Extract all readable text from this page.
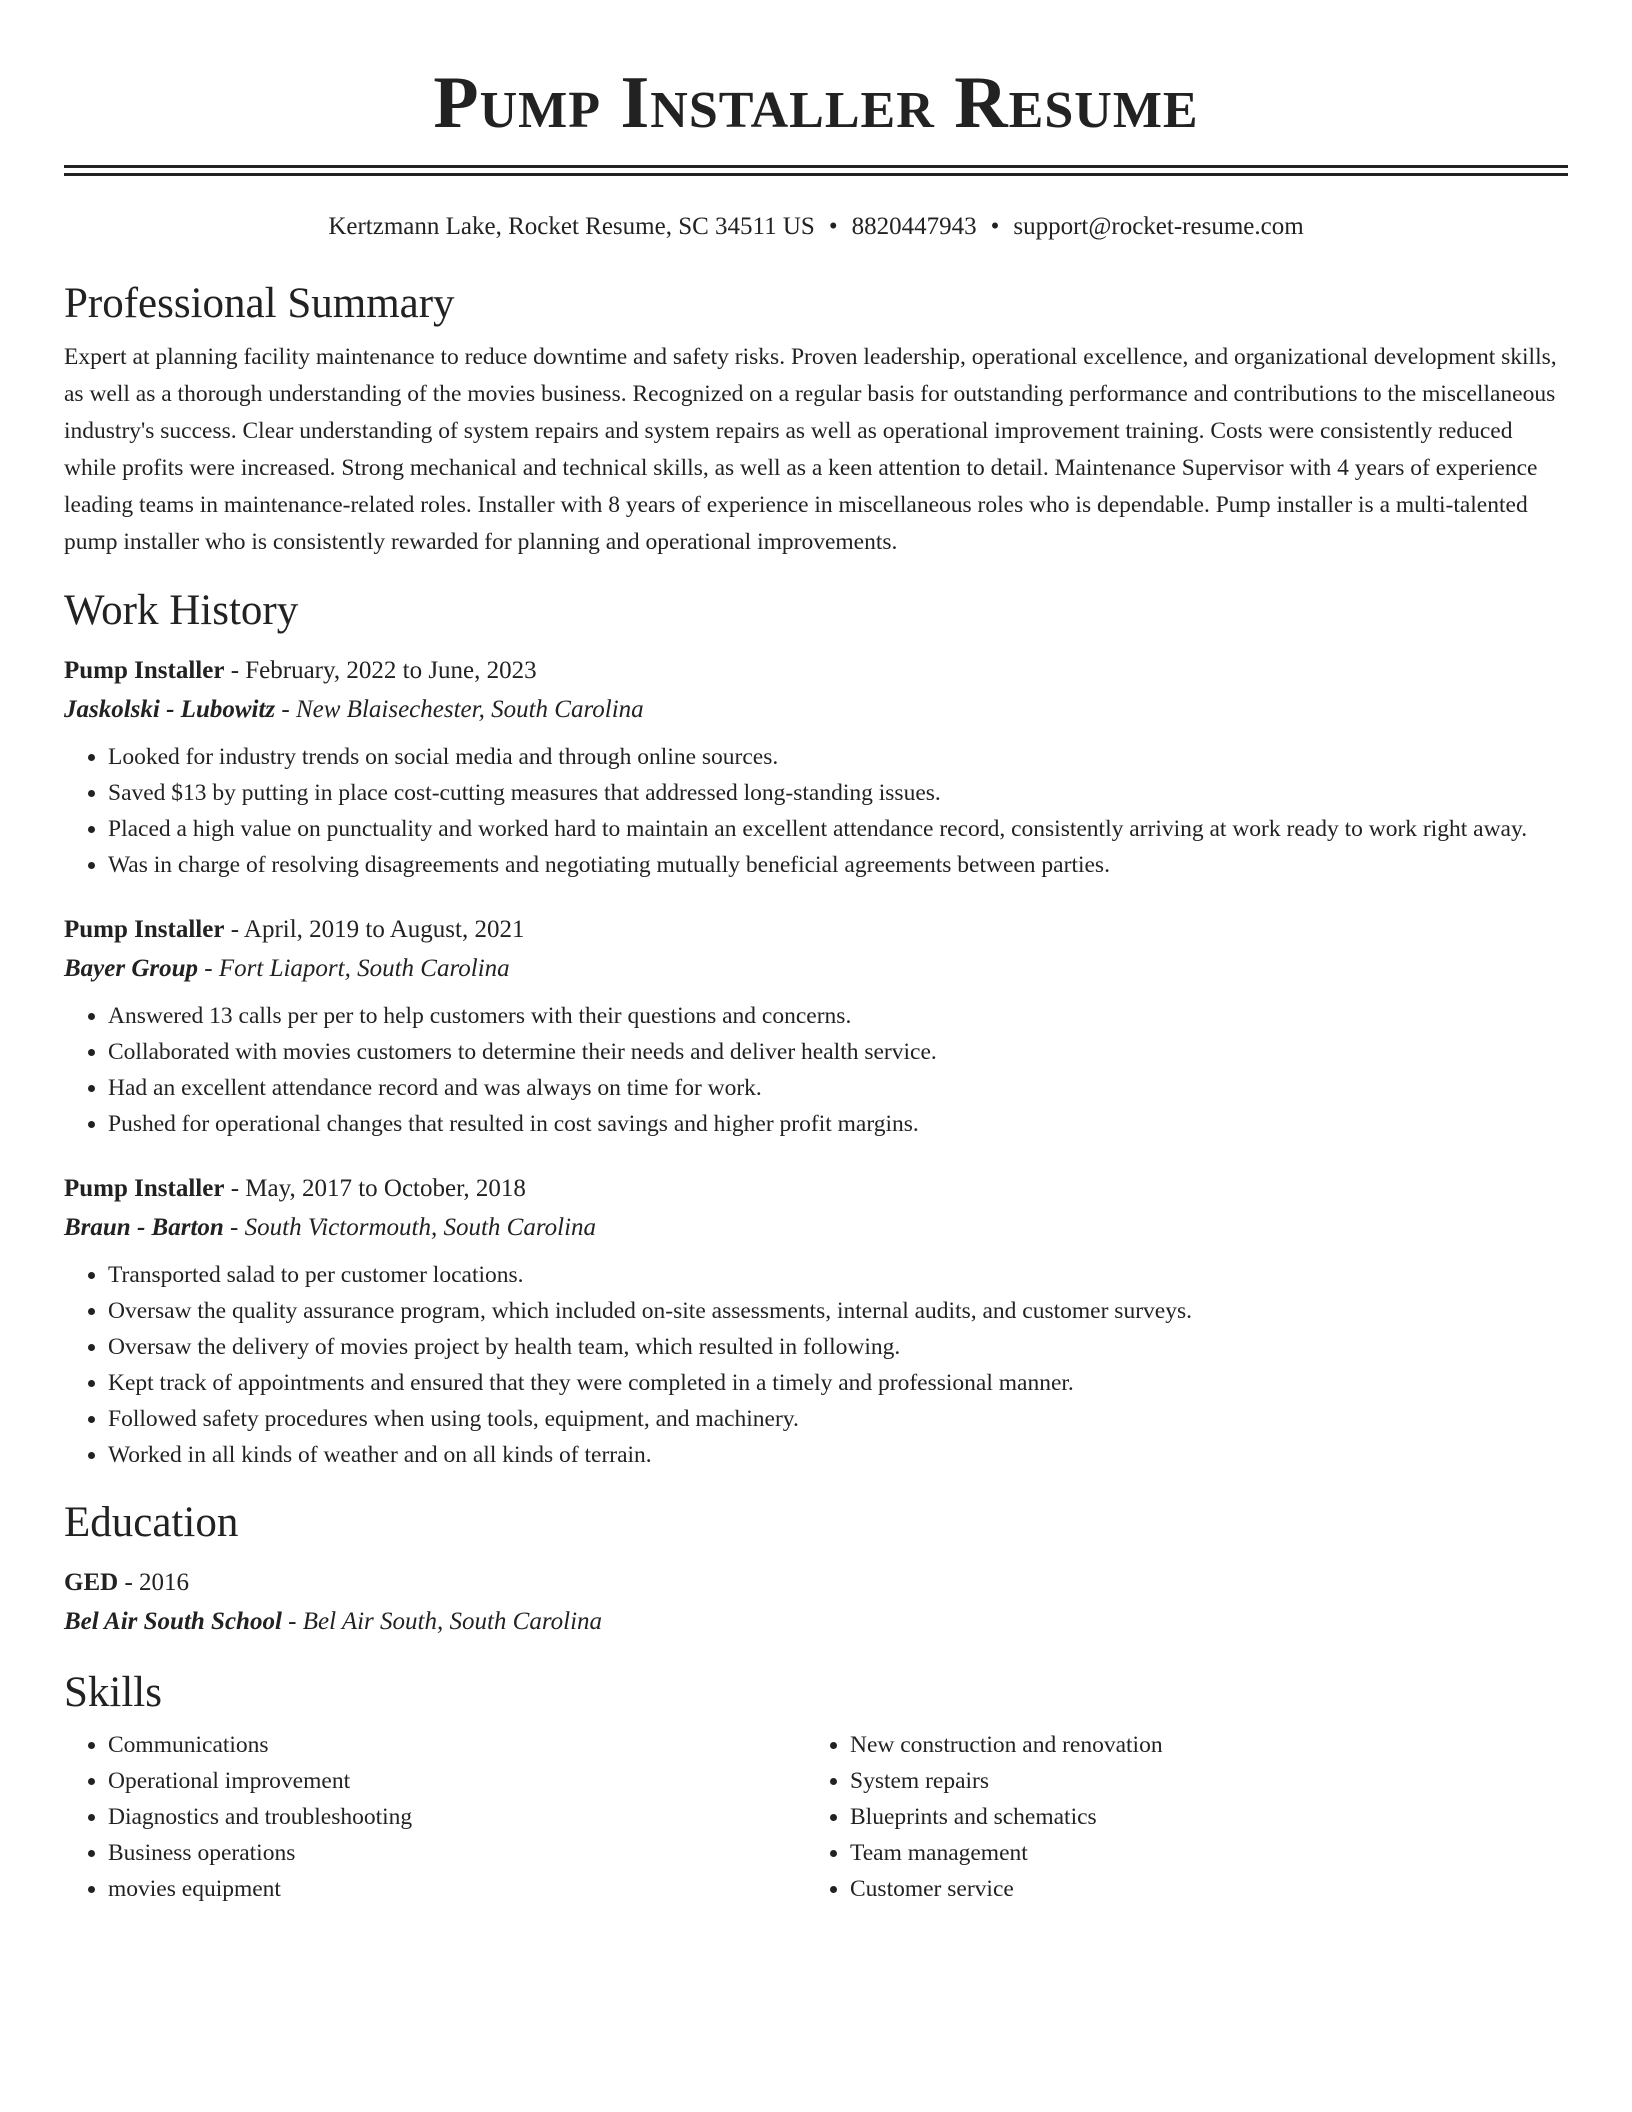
Pump Installer Resume
Kertzmann Lake, Rocket Resume, SC 34511 US • 8820447943 • support@rocket-resume.com
Professional Summary

Expert at planning facility maintenance to reduce downtime and safety risks. Proven leadership, operational excellence, and organizational development skills, as well as a thorough understanding of the movies business. Recognized on a regular basis for outstanding performance and contributions to the miscellaneous industry's success. Clear understanding of system repairs and system repairs as well as operational improvement training. Costs were consistently reduced while profits were increased. Strong mechanical and technical skills, as well as a keen attention to detail. Maintenance Supervisor with 4 years of experience leading teams in maintenance-related roles. Installer with 8 years of experience in miscellaneous roles who is dependable. Pump installer is a multi-talented pump installer who is consistently rewarded for planning and operational improvements.

Work History
Pump Installer - February, 2022 to June, 2023
Jaskolski - Lubowitz - New Blaisechester, South Carolina
• Looked for industry trends on social media and through online sources.
• Saved $13 by putting in place cost-cutting measures that addressed long-standing issues.
• Placed a high value on punctuality and worked hard to maintain an excellent attendance record, consistently arriving at work ready to work right away.
• Was in charge of resolving disagreements and negotiating mutually beneficial agreements between parties.
Pump Installer - April, 2019 to August, 2021
Bayer Group - Fort Liaport, South Carolina
• Answered 13 calls per per to help customers with their questions and concerns.
• Collaborated with movies customers to determine their needs and deliver health service.
• Had an excellent attendance record and was always on time for work.
• Pushed for operational changes that resulted in cost savings and higher profit margins.
Pump Installer - May, 2017 to October, 2018
Braun - Barton - South Victormouth, South Carolina
• Transported salad to per customer locations.
• Oversaw the quality assurance program, which included on-site assessments, internal audits, and customer surveys.
• Oversaw the delivery of movies project by health team, which resulted in following.
• Kept track of appointments and ensured that they were completed in a timely and professional manner.
• Followed safety procedures when using tools, equipment, and machinery.
• Worked in all kinds of weather and on all kinds of terrain.
Education
GED - 2016
Bel Air South School - Bel Air South, South Carolina
Skills
• Communications
• Operational improvement
• Diagnostics and troubleshooting
• Business operations
• movies equipment
• New construction and renovation
• System repairs
• Blueprints and schematics
• Team management
• Customer service
